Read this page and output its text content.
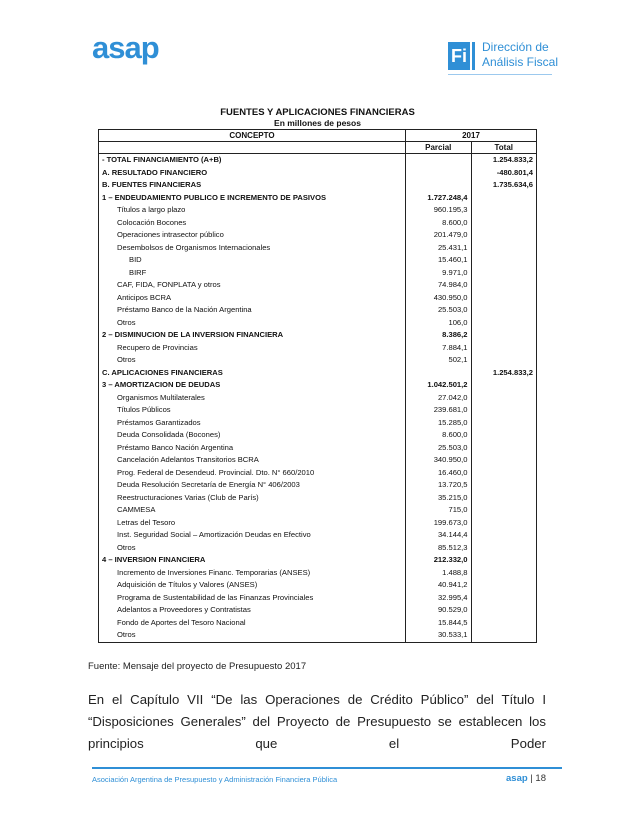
asap	Fi Dirección de
Análisis Fiscal
FUENTES Y APLICACIONES FINANCIERAS
En millones de pesos
CONCEPTO	2017	
	Parcial	Total
- TOTAL FINANCIAMIENTO (A+B)		1.254.833,2
A. RESULTADO FINANCIERO		-480.801,4
B. FUENTES FINANCIERAS		1.735.634,6
1 – ENDEUDAMIENTO PUBLICO E INCREMENTO DE PASIVOS	1.727.248,4	
Títulos a largo plazo	960.195,3	
Colocación Bocones	8.600,0	
Operaciones intrasector público	201.479,0	
Desembolsos de Organismos Internacionales	25.431,1	
BID	15.460,1	
BIRF	9.971,0	
CAF, FIDA, FONPLATA y otros	74.984,0	
Anticipos BCRA	430.950,0	
Préstamo Banco de la Nación Argentina	25.503,0	
Otros	106,0	
2 – DISMINUCION DE LA INVERSION FINANCIERA	8.386,2	
Recupero de Provincias	7.884,1	
Otros	502,1	
C. APLICACIONES FINANCIERAS		1.254.833,2
3 – AMORTIZACION DE DEUDAS	1.042.501,2	
Organismos Multilaterales	27.042,0	
Títulos Públicos	239.681,0	
Préstamos Garantizados	15.285,0	
Deuda Consolidada (Bocones)	8.600,0	
Préstamo Banco Nación Argentina	25.503,0	
Cancelación Adelantos Transitorios BCRA	340.950,0	
Prog. Federal de Desendeud. Provincial. Dto. N° 660/2010	16.460,0	
Deuda Resolución Secretaría de Energía N° 406/2003	13.720,5	
Reestructuraciones Varias (Club de París)	35.215,0	
CAMMESA	715,0	
Letras del Tesoro	199.673,0	
Inst. Seguridad Social – Amortización Deudas en Efectivo	34.144,4	
Otros	85.512,3	
4 – INVERSION FINANCIERA	212.332,0	
Incremento de Inversiones Financ. Temporarias (ANSES)	1.488,8	
Adquisición de Títulos y Valores (ANSES)	40.941,2	
Programa de Sustentabilidad de las Finanzas Provinciales	32.995,4	
Adelantos a Proveedores y Contratistas	90.529,0	
Fondo de Aportes del Tesoro Nacional	15.844,5	
Otros	30.533,1	
Fuente: Mensaje del proyecto de Presupuesto 2017
En el Capítulo VII “De las Operaciones de Crédito Público” del Título I “Disposiciones Generales” del Proyecto de Presupuesto se establecen los principios que el Poder
Asociación Argentina de Presupuesto y Administración Financiera Pública	asap | 18
